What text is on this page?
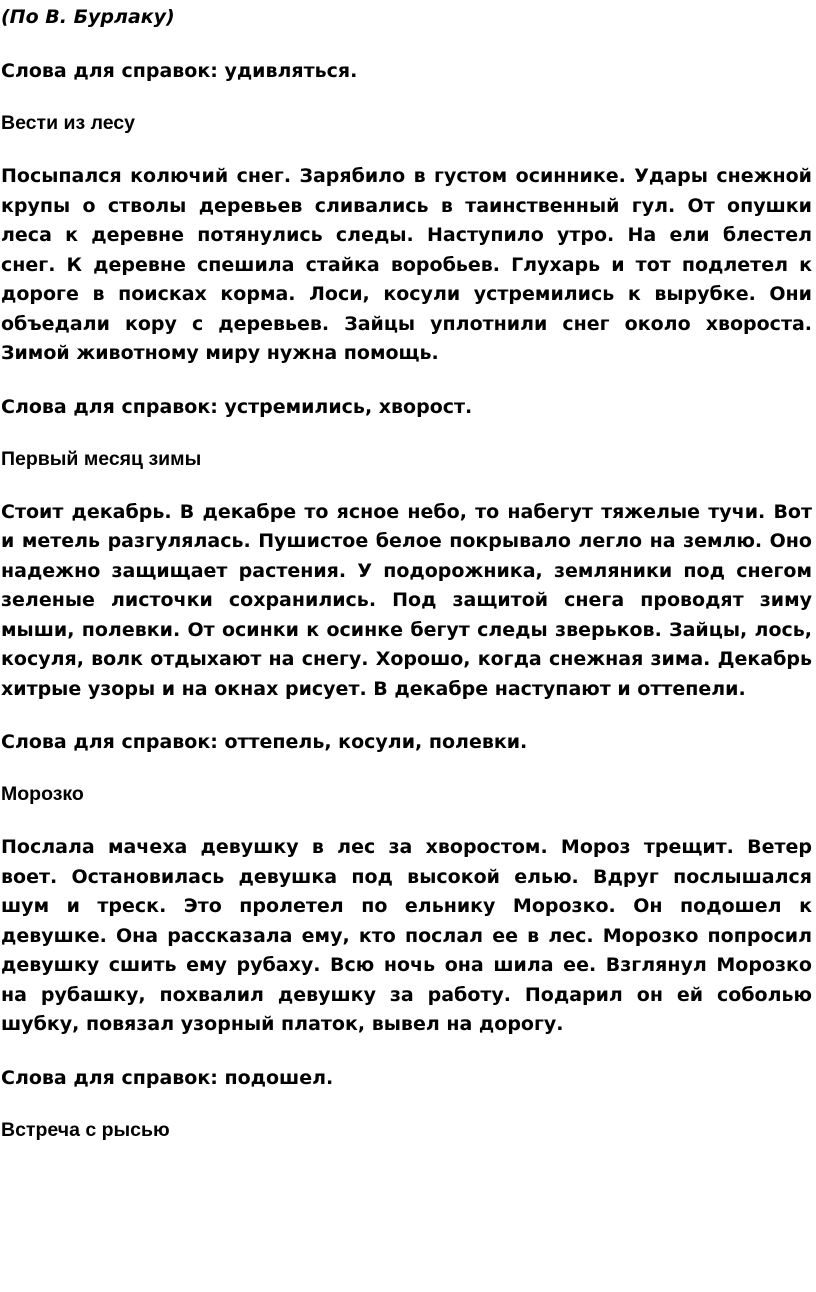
(По В. Бурлаку)

Слова для справок: удивляться.

Вести из лесу

Посыпался колючий снег. Зарябило в густом осиннике. Удары снежной крупы о стволы деревьев сливались в таинственный гул. От опушки леса к деревне потянулись следы. Наступило утро. На ели блестел снег. К деревне спешила стайка воробьев. Глухарь и тот подлетел к дороге в поисках корма. Лоси, косули устремились к вырубке. Они объедали кору с деревьев. Зайцы уплотнили снег около хвороста. Зимой животному миру нужна помощь.

Слова для справок: устремились, хворост.

Первый месяц зимы

Стоит декабрь. В декабре то ясное небо, то набегут тяжелые тучи. Вот и метель разгулялась. Пушистое белое покрывало легло на землю. Оно надежно защищает растения. У подорожника, земляники под снегом зеленые листочки сохранились. Под защитой снега проводят зиму мыши, полевки. От осинки к осинке бегут следы зверьков. Зайцы, лось, косуля, волк отдыхают на снегу. Хорошо, когда снежная зима. Декабрь хитрые узоры и на окнах рисует. В декабре наступают и оттепели.

Слова для справок: оттепель, косули, полевки.

Морозко

Послала мачеха девушку в лес за хворостом. Мороз трещит. Ветер воет. Остановилась девушка под высокой елью. Вдруг послышался шум и треск. Это пролетел по ельнику Морозко. Он подошел к девушке. Она рассказала ему, кто послал ее в лес. Морозко попросил девушку сшить ему рубаху. Всю ночь она шила ее. Взглянул Морозко на рубашку, похвалил девушку за работу. Подарил он ей соболью шубку, повязал узорный платок, вывел на дорогу.

Слова для справок: подошел.

Встреча с рысью
